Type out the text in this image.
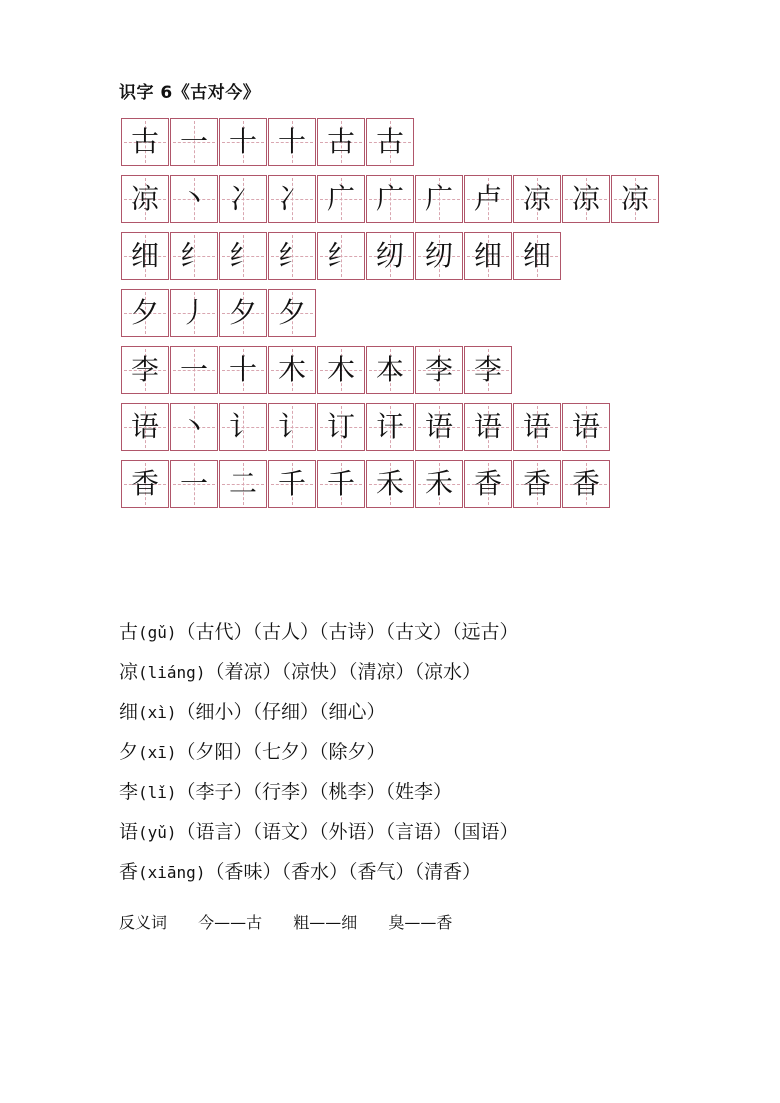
识字 6《古对今》
古 一 十 十 古 古
凉 丶 冫 冫 广 广 广 卢 凉 凉 凉
细 纟 纟 纟 纟 纫 纫 细 细
夕 丿 夕 夕
李 一 十 木 木 本 李 李
语 丶 讠 讠 订 讦 语 语 语 语
香 一 二 千 千 禾 禾 香 香 香
古(gǔ)（古代）（古人）（古诗）（古文）（远古）
凉(liáng)（着凉）（凉快）（清凉）（凉水）
细(xì)（细小）（仔细）（细心）
夕(xī)（夕阳）（七夕）（除夕）
李(lǐ)（李子）（行李）（桃李）（姓李）
语(yǔ)（语言）（语文）（外语）（言语）（国语）
香(xiāng)（香味）（香水）（香气）（清香）
反义词 今——古 粗——细 臭——香
